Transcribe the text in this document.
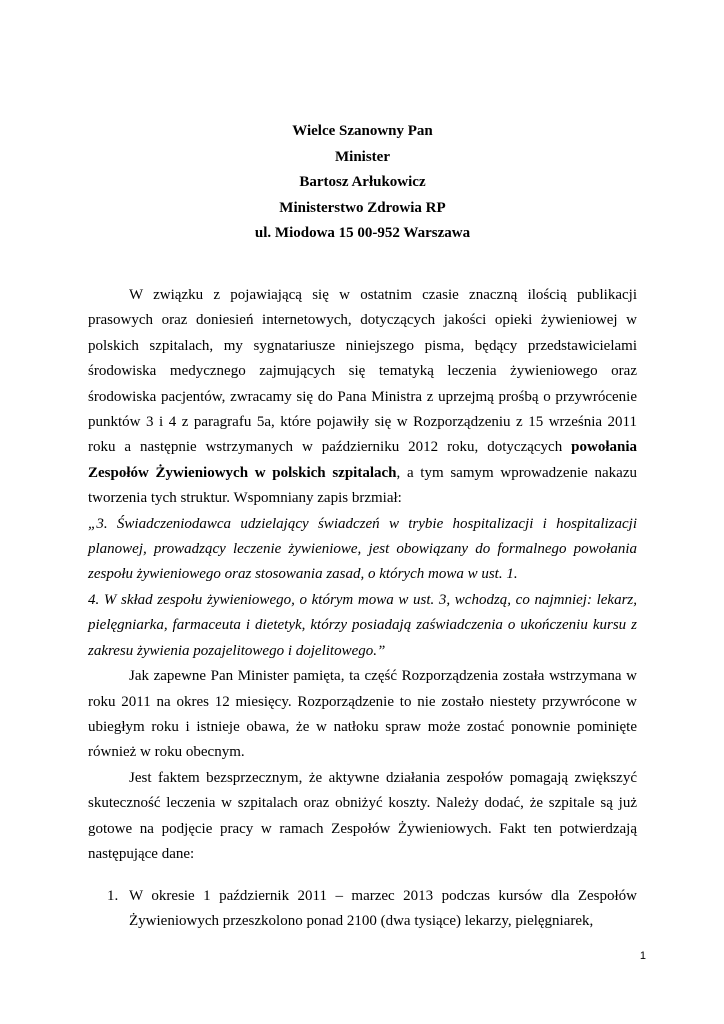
Wielce Szanowny Pan
Minister
Bartosz Arłukowicz
Ministerstwo Zdrowia RP
ul. Miodowa 15 00-952 Warszawa

W związku z pojawiającą się w ostatnim czasie znaczną ilością publikacji prasowych oraz doniesień internetowych, dotyczących jakości opieki żywieniowej w polskich szpitalach, my sygnatariusze niniejszego pisma, będący przedstawicielami środowiska medycznego zajmujących się tematyką leczenia żywieniowego oraz środowiska pacjentów, zwracamy się do Pana Ministra z uprzejmą prośbą o przywrócenie punktów 3 i 4 z paragrafu 5a, które pojawiły się w Rozporządzeniu z 15 września 2011 roku a następnie wstrzymanych w październiku 2012 roku, dotyczących powołania Zespołów Żywieniowych w polskich szpitalach, a tym samym wprowadzenie nakazu tworzenia tych struktur. Wspomniany zapis brzmiał:

„3. Świadczeniodawca udzielający świadczeń w trybie hospitalizacji i hospitalizacji planowej, prowadzący leczenie żywieniowe, jest obowiązany do formalnego powołania zespołu żywieniowego oraz stosowania zasad, o których mowa w ust. 1.

4. W skład zespołu żywieniowego, o którym mowa w ust. 3, wchodzą, co najmniej: lekarz, pielęgniarka, farmaceuta i dietetyk, którzy posiadają zaświadczenia o ukończeniu kursu z zakresu żywienia pozajelitowego i dojelitowego.”

Jak zapewne Pan Minister pamięta, ta część Rozporządzenia została wstrzymana w roku 2011 na okres 12 miesięcy. Rozporządzenie to nie zostało niestety przywrócone w ubiegłym roku i istnieje obawa, że w natłoku spraw może zostać ponownie pominięte również w roku obecnym.

Jest faktem bezsprzecznym, że aktywne działania zespołów pomagają zwiększyć skuteczność leczenia w szpitalach oraz obniżyć koszty. Należy dodać, że szpitale są już gotowe na podjęcie pracy w ramach Zespołów Żywieniowych. Fakt ten potwierdzają następujące dane:

1. W okresie 1 październik 2011 – marzec 2013 podczas kursów dla Zespołów Żywieniowych przeszkolono ponad 2100 (dwa tysiące) lekarzy, pielęgniarek,
1
